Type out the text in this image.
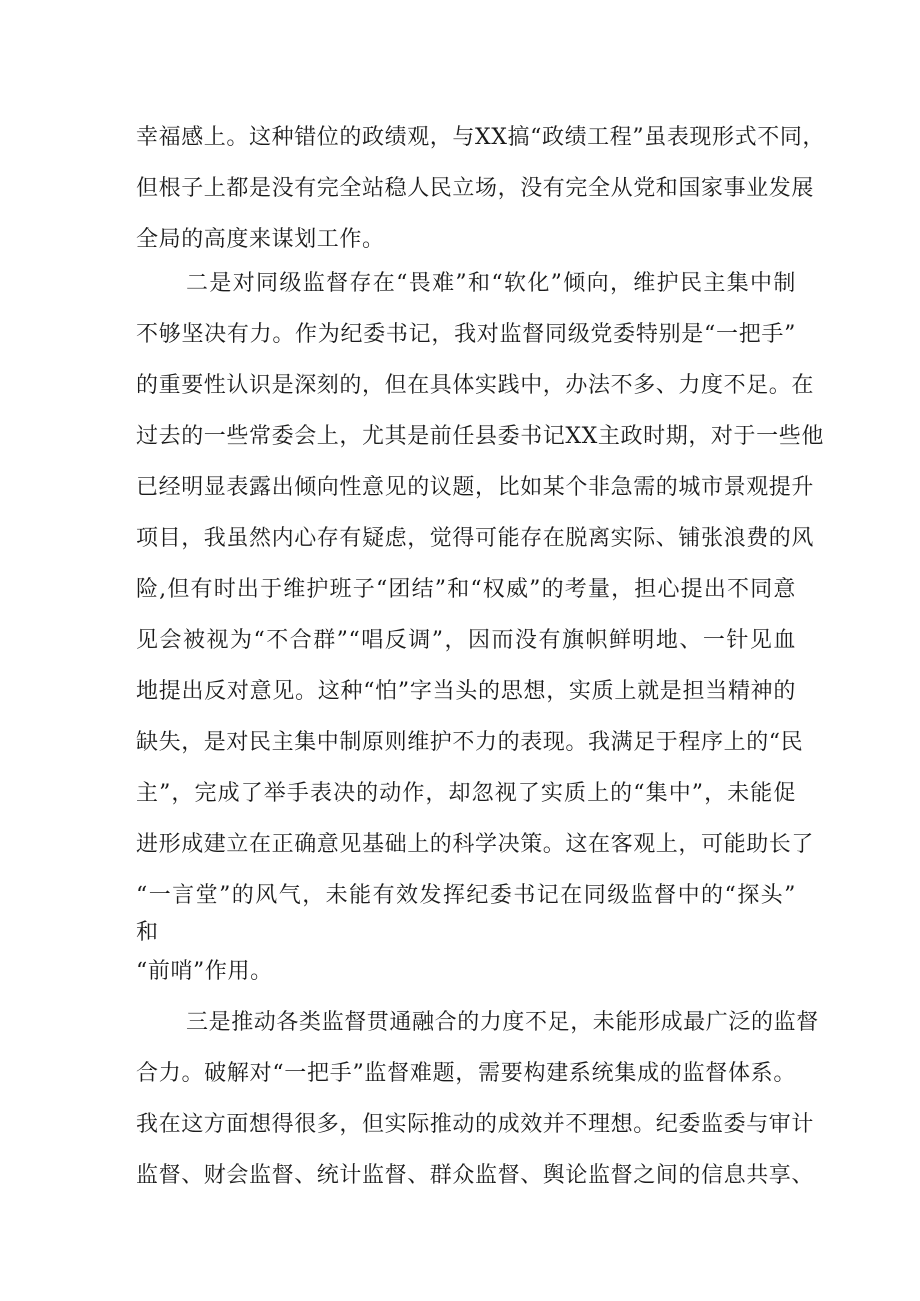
幸福感上。这种错位的政绩观，与XX搞“政绩工程”虽表现形式不同，
但根子上都是没有完全站稳人民立场，没有完全从党和国家事业发展
全局的高度来谋划工作。
二是对同级监督存在“畏难”和“软化”倾向，维护民主集中制
不够坚决有力。作为纪委书记，我对监督同级党委特别是“一把手”
的重要性认识是深刻的，但在具体实践中，办法不多、力度不足。在
过去的一些常委会上，尤其是前任县委书记XX主政时期，对于一些他
已经明显表露出倾向性意见的议题，比如某个非急需的城市景观提升
项目，我虽然内心存有疑虑，觉得可能存在脱离实际、铺张浪费的风
险,但有时出于维护班子“团结”和“权威”的考量，担心提出不同意
见会被视为“不合群”“唱反调”，因而没有旗帜鲜明地、一针见血
地提出反对意见。这种“怕”字当头的思想，实质上就是担当精神的
缺失，是对民主集中制原则维护不力的表现。我满足于程序上的“民
主”，完成了举手表决的动作，却忽视了实质上的“集中”，未能促
进形成建立在正确意见基础上的科学决策。这在客观上，可能助长了
“一言堂”的风气，未能有效发挥纪委书记在同级监督中的“探头”
和
“前哨”作用。
三是推动各类监督贯通融合的力度不足，未能形成最广泛的监督
合力。破解对“一把手”监督难题，需要构建系统集成的监督体系。
我在这方面想得很多，但实际推动的成效并不理想。纪委监委与审计
监督、财会监督、统计监督、群众监督、舆论监督之间的信息共享、
